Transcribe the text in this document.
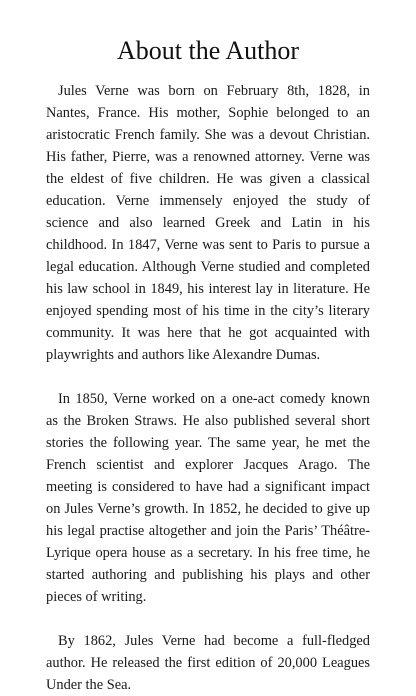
About the Author

Jules Verne was born on February 8th, 1828, in Nantes, France. His mother, Sophie belonged to an aristocratic French family. She was a devout Christian. His father, Pierre, was a renowned attorney. Verne was the eldest of five children. He was given a classical education. Verne immensely enjoyed the study of science and also learned Greek and Latin in his childhood. In 1847, Verne was sent to Paris to pursue a legal education. Although Verne studied and completed his law school in 1849, his interest lay in literature. He enjoyed spending most of his time in the city’s literary community. It was here that he got acquainted with playwrights and authors like Alexandre Dumas.

In 1850, Verne worked on a one-act comedy known as the Broken Straws. He also published several short stories the following year. The same year, he met the French scientist and explorer Jacques Arago. The meeting is considered to have had a significant impact on Jules Verne’s growth. In 1852, he decided to give up his legal practise altogether and join the Paris’ Théâtre-Lyrique opera house as a secretary. In his free time, he started authoring and publishing his plays and other pieces of writing.

By 1862, Jules Verne had become a full-fledged author. He released the first edition of 20,000 Leagues Under the Sea.
